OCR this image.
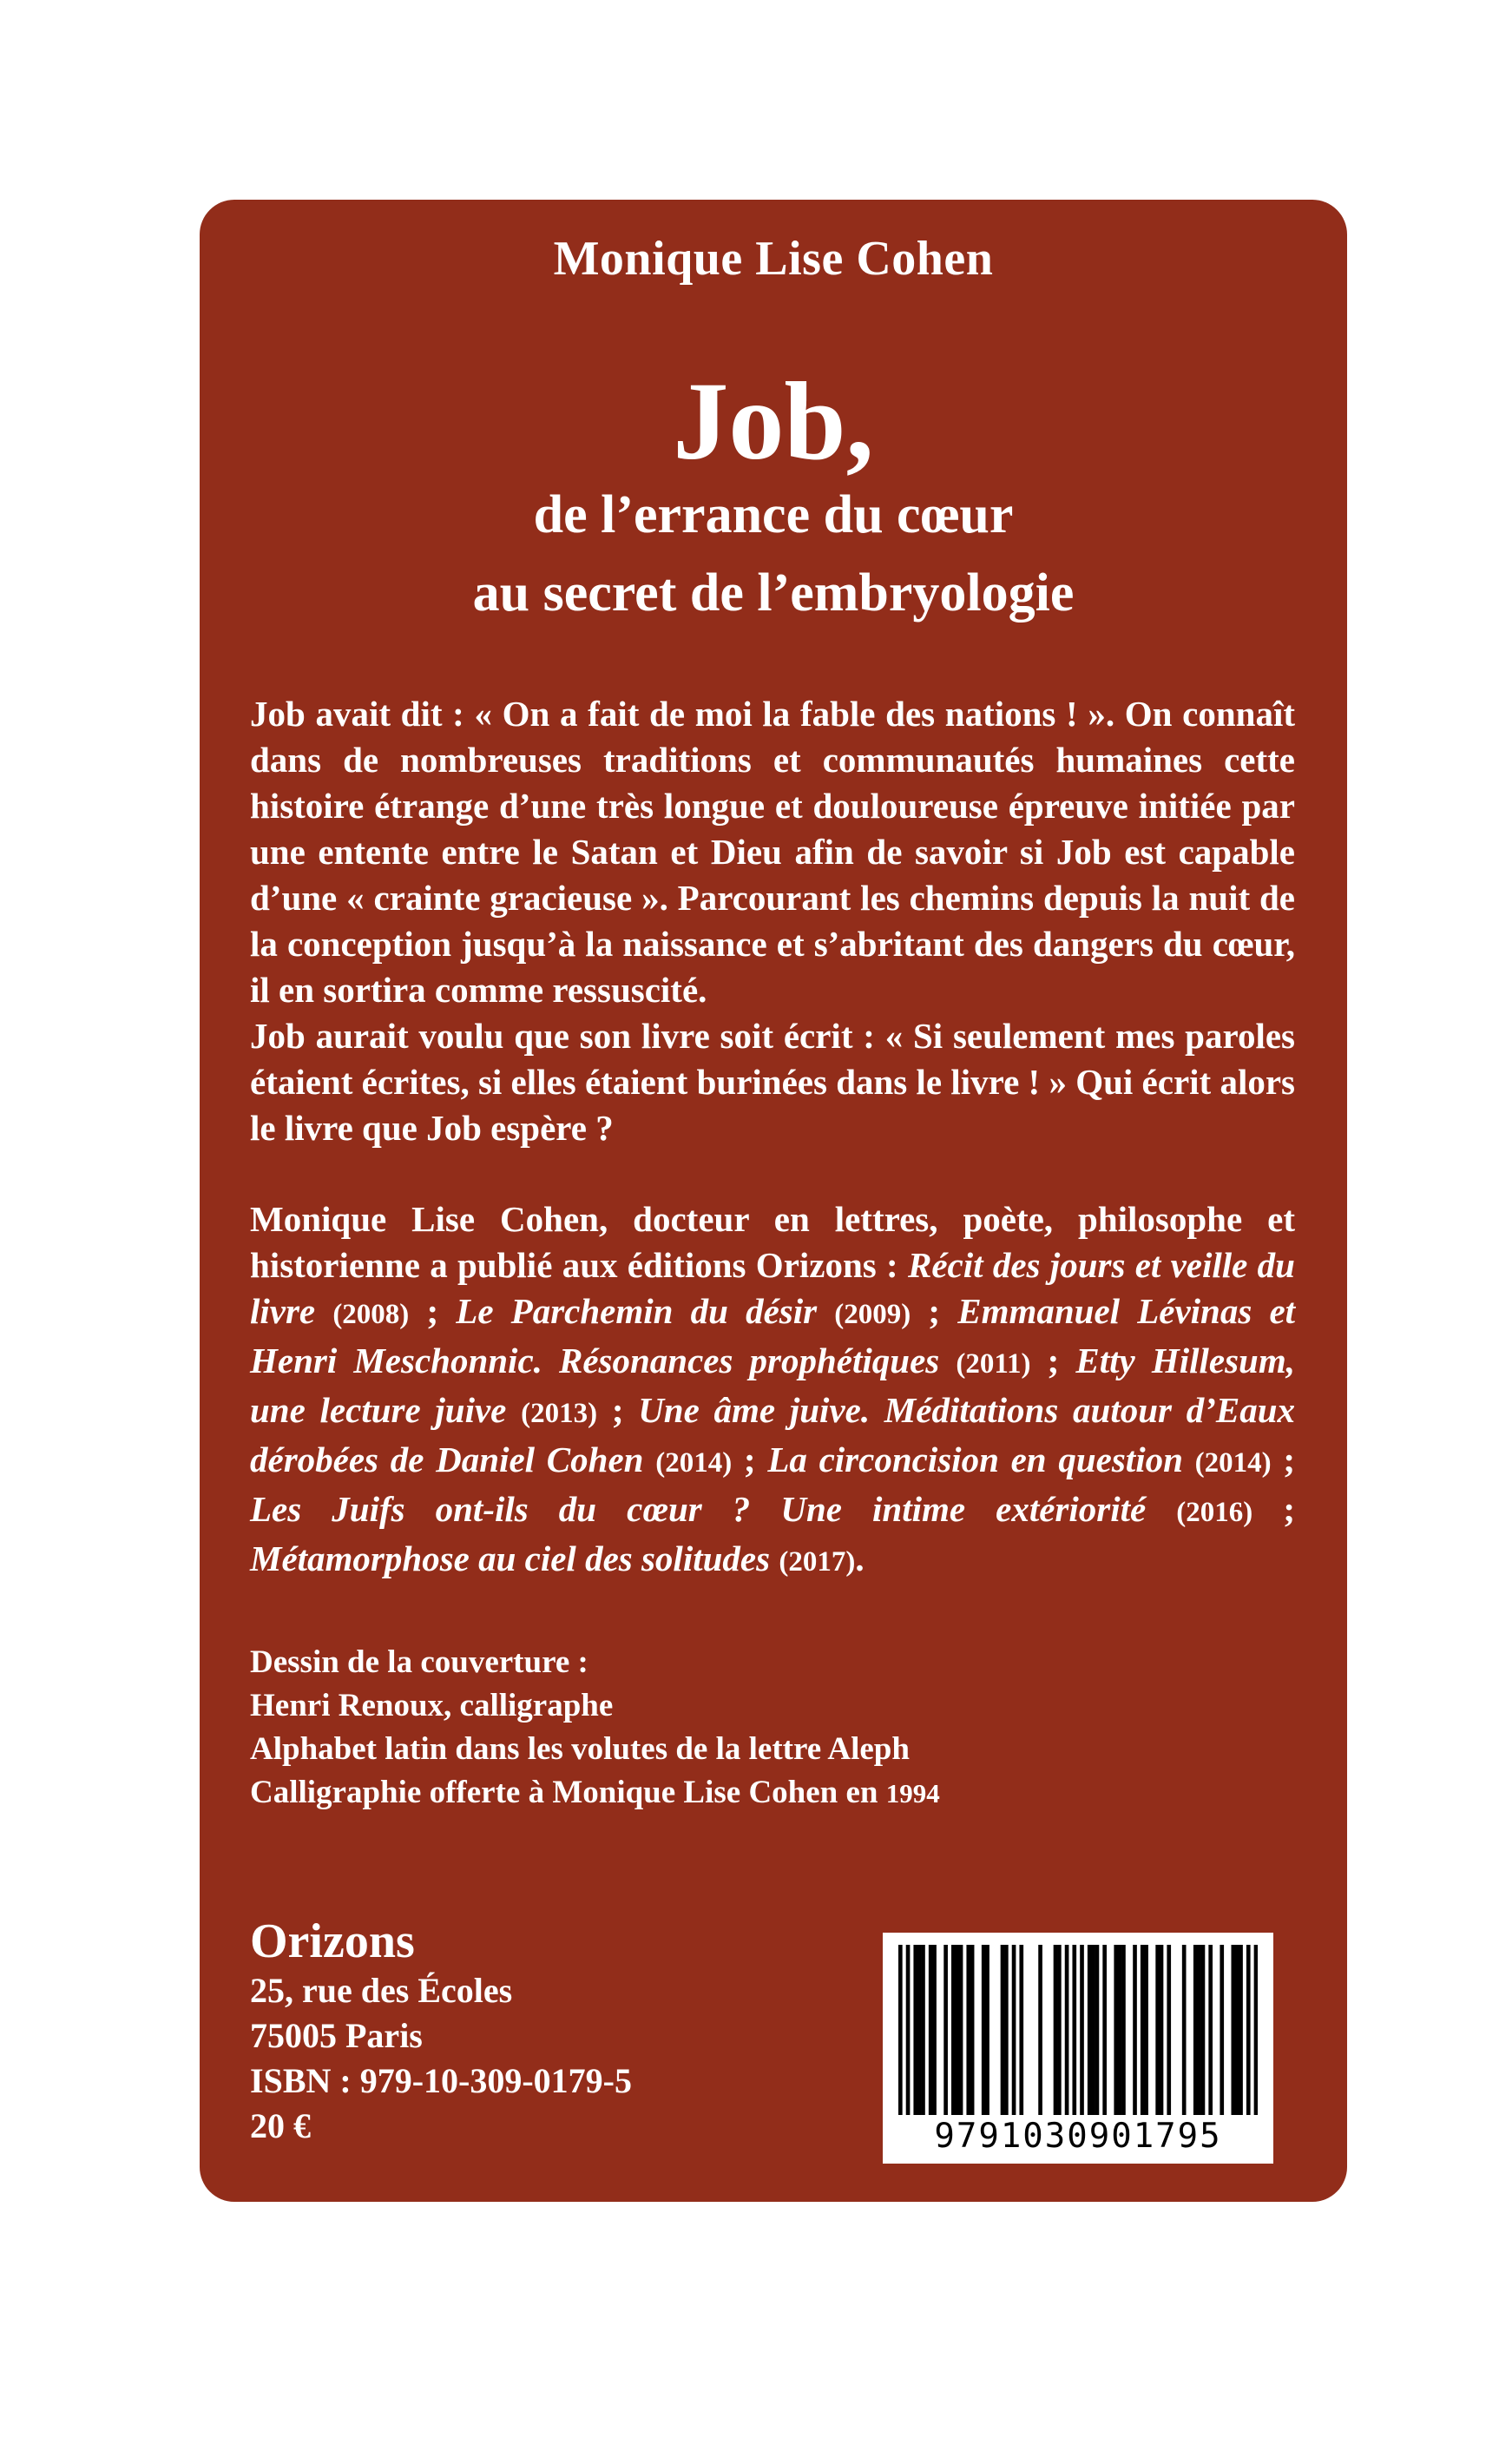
Monique Lise Cohen
Job,
de l’errance du cœur
au secret de l’embryologie

Job avait dit : « On a fait de moi la fable des nations ! ». On connaît dans de nombreuses traditions et communautés humaines cette histoire étrange d’une très longue et douloureuse épreuve initiée par une entente entre le Satan et Dieu afin de savoir si Job est capable d’une « crainte gracieuse ». Parcourant les chemins depuis la nuit de la conception jusqu’à la naissance et s’abritant des dangers du cœur, il en sortira comme ressuscité.

Job aurait voulu que son livre soit écrit : « Si seulement mes paroles étaient écrites, si elles étaient burinées dans le livre ! » Qui écrit alors le livre que Job espère ?

Monique Lise Cohen, docteur en lettres, poète, philosophe et historienne a publié aux éditions Orizons : Récit des jours et veille du livre (2008) ; Le Parchemin du désir (2009) ; Emmanuel Lévinas et Henri Meschonnic. Résonances prophétiques (2011) ; Etty Hillesum, une lecture juive (2013) ; Une âme juive. Méditations autour d’Eaux dérobées de Daniel Cohen (2014) ; La circoncision en question (2014) ; Les Juifs ont-ils du cœur ? Une intime extériorité (2016) ; Métamorphose au ciel des solitudes (2017).

Dessin de la couverture :
Henri Renoux, calligraphe
Alphabet latin dans les volutes de la lettre Aleph
Calligraphie offerte à Monique Lise Cohen en 1994
Orizons
25, rue des Écoles
75005 Paris
ISBN : 979-10-309-0179-5
20 €	9791030901795
